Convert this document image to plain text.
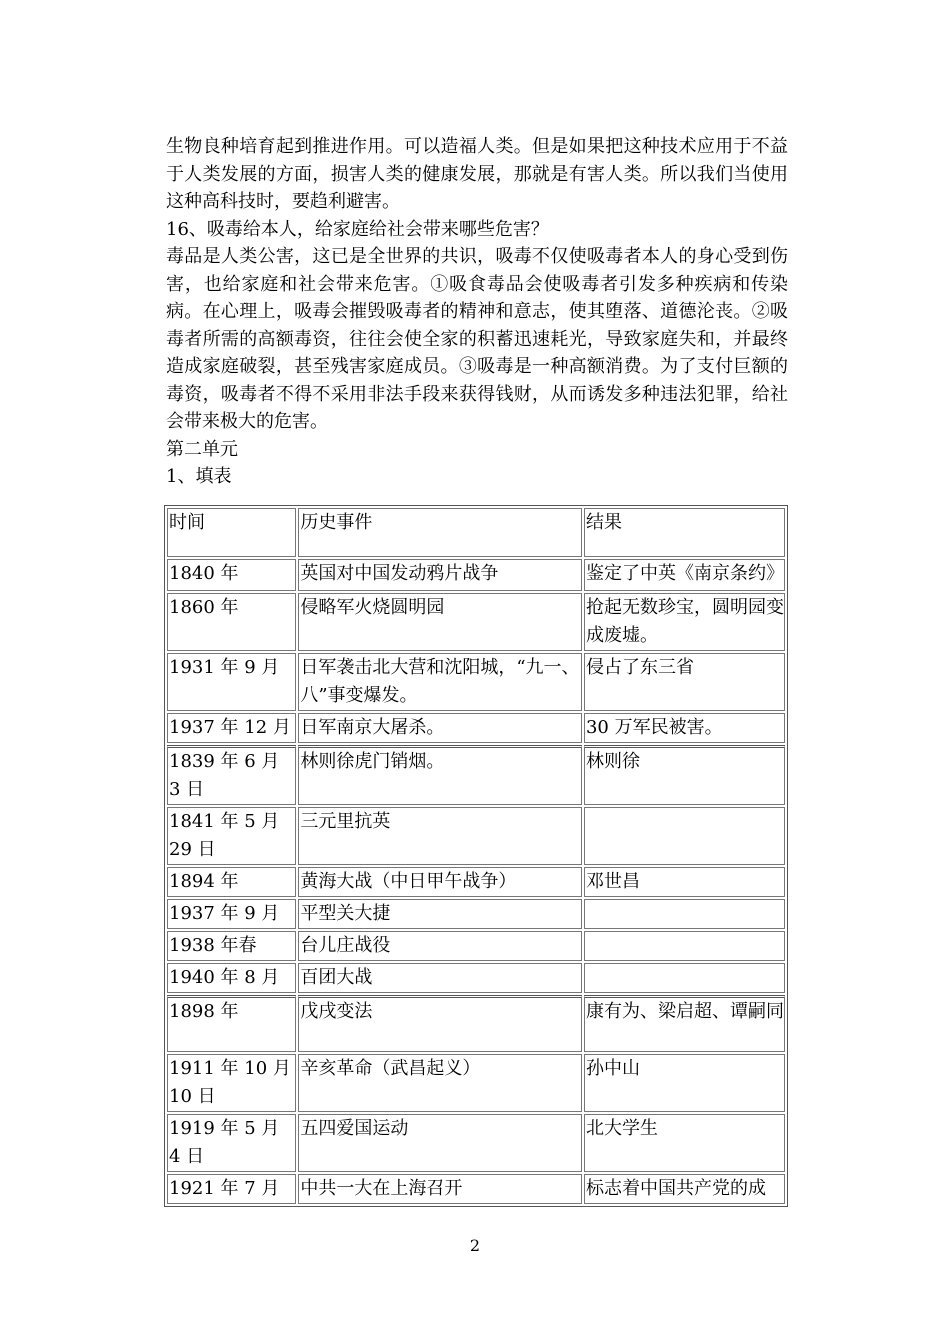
生物良种培育起到推进作用。可以造福人类。但是如果把这种技术应用于不益于人类发展的方面，损害人类的健康发展，那就是有害人类。所以我们当使用这种高科技时，要趋利避害。

16、吸毒给本人，给家庭给社会带来哪些危害？

毒品是人类公害，这已是全世界的共识，吸毒不仅使吸毒者本人的身心受到伤害，也给家庭和社会带来危害。①吸食毒品会使吸毒者引发多种疾病和传染病。在心理上，吸毒会摧毁吸毒者的精神和意志，使其堕落、道德沦丧。②吸毒者所需的高额毒资，往往会使全家的积蓄迅速耗光，导致家庭失和，并最终造成家庭破裂，甚至残害家庭成员。③吸毒是一种高额消费。为了支付巨额的毒资，吸毒者不得不采用非法手段来获得钱财，从而诱发多种违法犯罪，给社会带来极大的危害。

第二单元

1、填表

时间	历史事件	结果
1840 年	英国对中国发动鸦片战争	鉴定了中英《南京条约》
1860 年	侵略军火烧圆明园	抢起无数珍宝，圆明园变成废墟。
1931 年 9 月	日军袭击北大营和沈阳城，“九一、八”事变爆发。	侵占了东三省
1937 年 12 月	日军南京大屠杀。	30 万军民被害。
1839 年 6 月 3 日	林则徐虎门销烟。	林则徐
1841 年 5 月 29 日	三元里抗英	
1894 年	黄海大战（中日甲午战争）	邓世昌
1937 年 9 月	平型关大捷	
1938 年春	台儿庄战役	
1940 年 8 月	百团大战	
1898 年	戊戌变法	康有为、梁启超、谭嗣同
1911 年 10 月 10 日	辛亥革命（武昌起义）	孙中山
1919 年 5 月 4 日	五四爱国运动	北大学生
1921 年 7 月	中共一大在上海召开	标志着中国共产党的成
2
